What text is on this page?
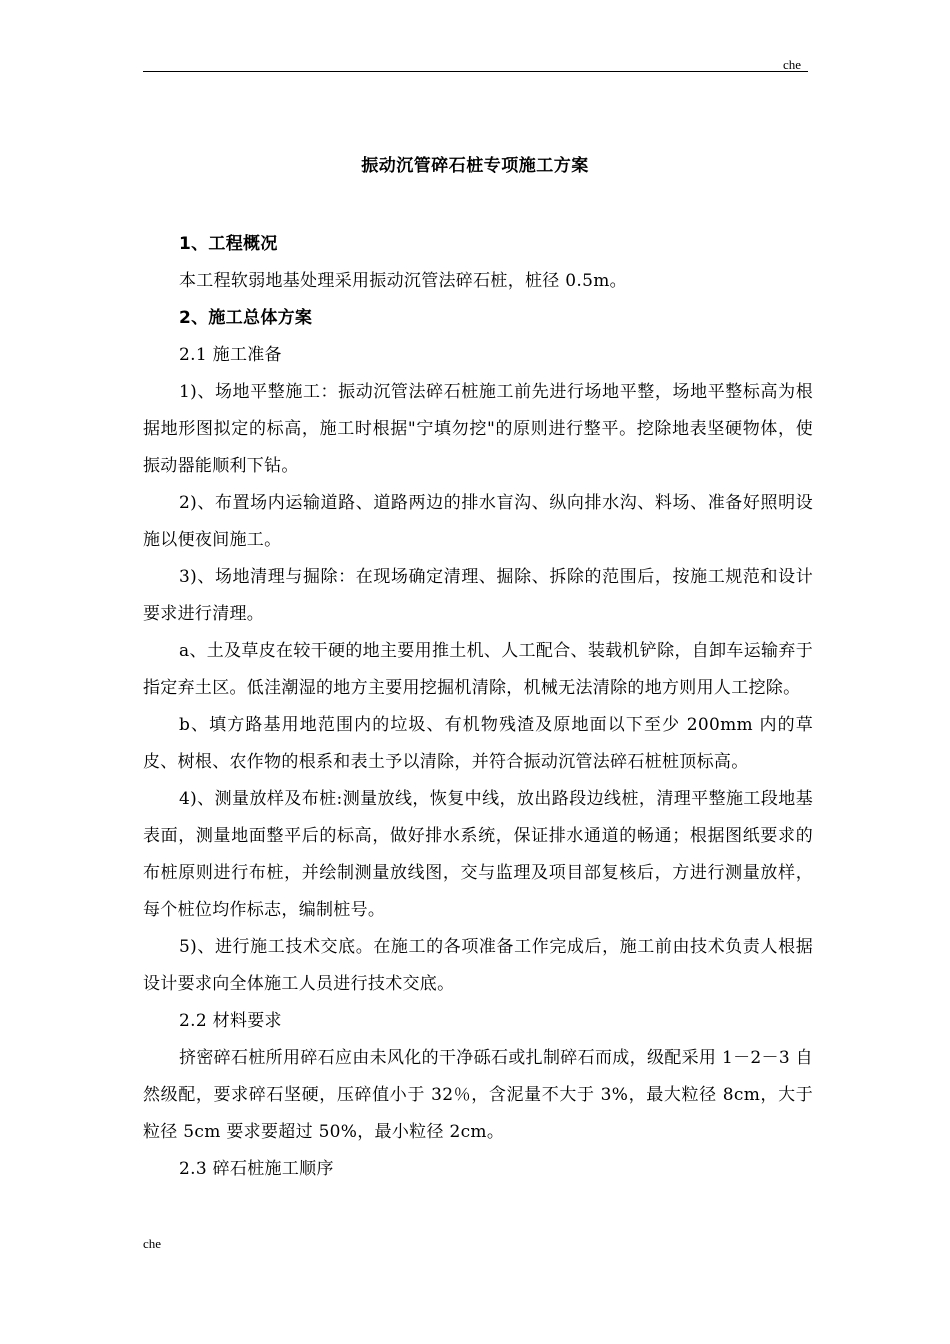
che
振动沉管碎石桩专项施工方案

1、工程概况

本工程软弱地基处理采用振动沉管法碎石桩，桩径 0.5m。

2、施工总体方案

2.1 施工准备

1)、场地平整施工：振动沉管法碎石桩施工前先进行场地平整，场地平整标高为根据地形图拟定的标高，施工时根据"宁填勿挖"的原则进行整平。挖除地表坚硬物体，使振动器能顺利下钻。

2)、布置场内运输道路、道路两边的排水盲沟、纵向排水沟、料场、准备好照明设施以便夜间施工。

3)、场地清理与掘除：在现场确定清理、掘除、拆除的范围后，按施工规范和设计要求进行清理。

a、土及草皮在较干硬的地主要用推土机、人工配合、装载机铲除，自卸车运输弃于指定弃土区。低洼潮湿的地方主要用挖掘机清除，机械无法清除的地方则用人工挖除。

b、填方路基用地范围内的垃圾、有机物残渣及原地面以下至少 200mm 内的草皮、树根、农作物的根系和表土予以清除，并符合振动沉管法碎石桩桩顶标高。

4)、测量放样及布桩:测量放线，恢复中线，放出路段边线桩，清理平整施工段地基表面，测量地面整平后的标高，做好排水系统，保证排水通道的畅通；根据图纸要求的布桩原则进行布桩，并绘制测量放线图，交与监理及项目部复核后，方进行测量放样，每个桩位均作标志，编制桩号。

5)、进行施工技术交底。在施工的各项准备工作完成后，施工前由技术负责人根据设计要求向全体施工人员进行技术交底。

2.2 材料要求

挤密碎石桩所用碎石应由未风化的干净砾石或扎制碎石而成，级配采用 1－2－3 自然级配，要求碎石坚硬，压碎值小于 32％，含泥量不大于 3%，最大粒径 8cm，大于粒径 5cm 要求要超过 50%，最小粒径 2cm。

2.3 碎石桩施工顺序

che
